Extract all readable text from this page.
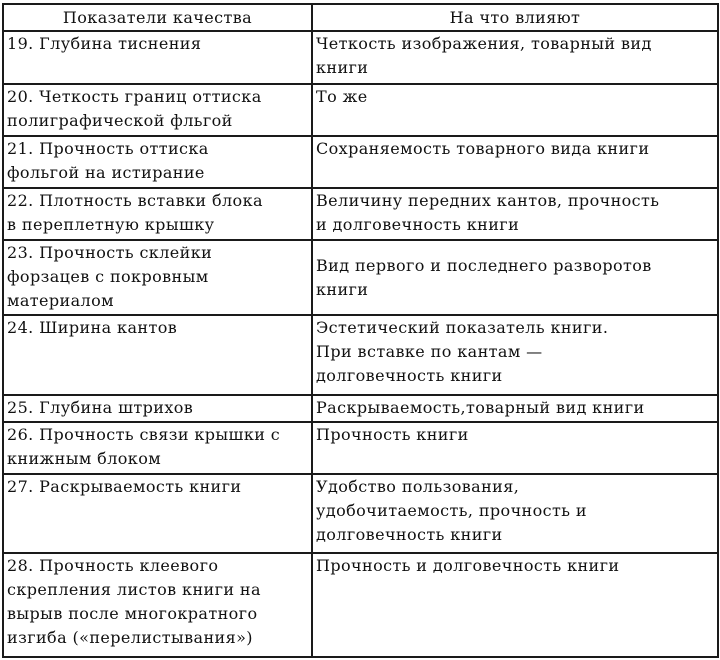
Показатели качества	На что влияют

19. Глубина тиснения	Четкость изображения, товарный вид
книги

20. Четкость границ оттиска
полиграфической фльгой	То же

21. Прочность оттиска
фольгой на истирание	Сохраняемость товарного вида книги

22. Плотность вставки блока
в переплетную крышку	Величину передних кантов, прочность
и долговечность книги

23. Прочность склейки
форзацев с покровным
материалом	Вид первого и последнего разворотов
книги

24. Ширина кантов	Эстетический показатель книги.
При вставке по кантам —
долговечность книги

25. Глубина штрихов	Раскрываемость,товарный вид книги

26. Прочность связи крышки с
книжным блоком	Прочность книги

27. Раскрываемость книги	Удобство пользования,
удобочитаемость, прочность и
долговечность книги

28. Прочность клеевого
скрепления листов книги на
вырыв после многократного
изгиба («перелистывания»)	Прочность и долговечность книги
